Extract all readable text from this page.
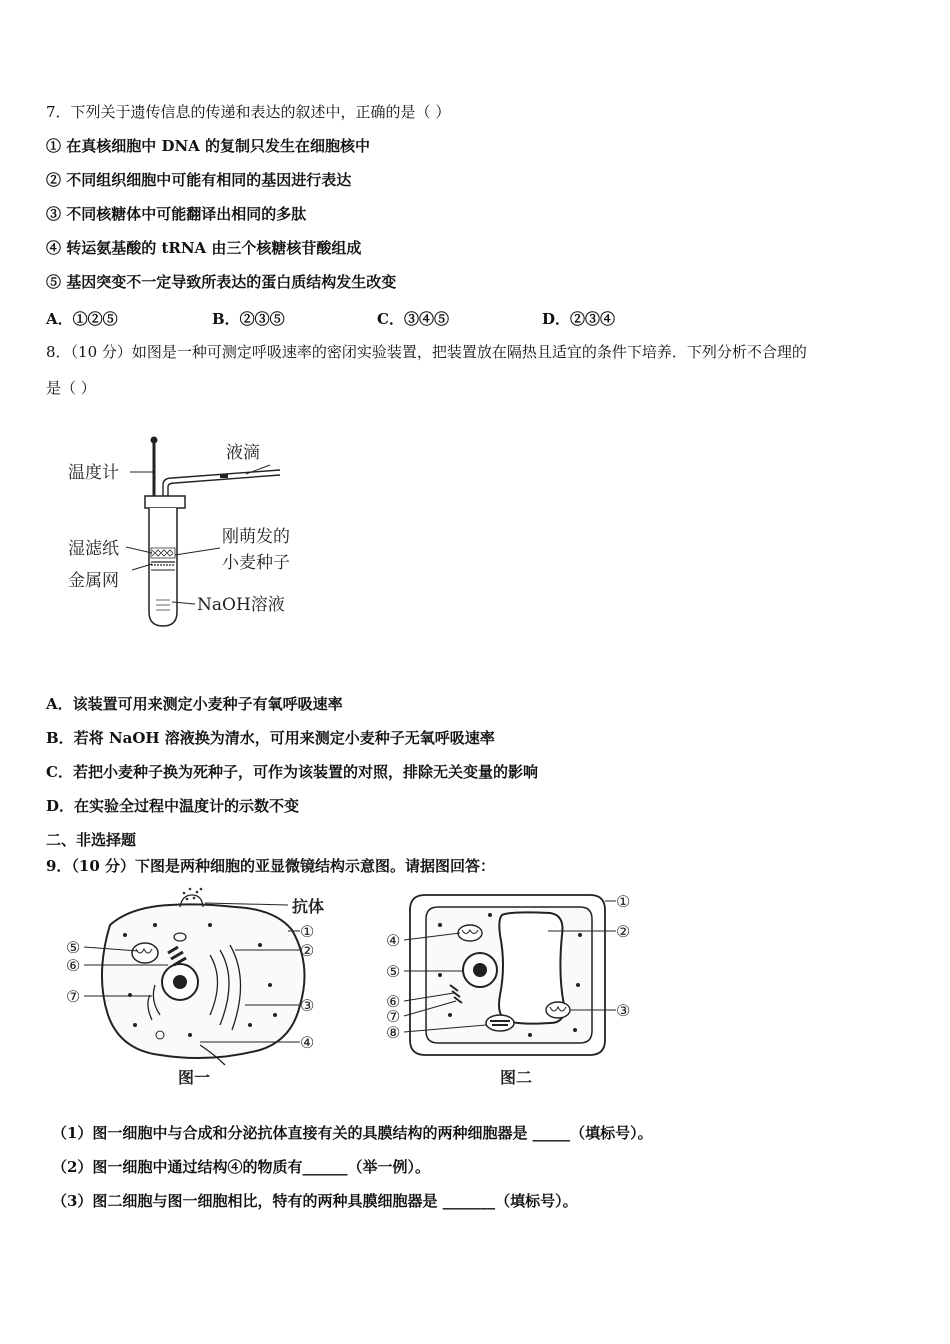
7．下列关于遗传信息的传递和表达的叙述中，正确的是（ ）
① 在真核细胞中 DNA 的复制只发生在细胞核中
② 不同组织细胞中可能有相同的基因进行表达
③ 不同核糖体中可能翻译出相同的多肽
④ 转运氨基酸的 tRNA 由三个核糖核苷酸组成
⑤ 基因突变不一定导致所表达的蛋白质结构发生改变
A．①②⑤	B．②③⑤	C．③④⑤	D．②③④
8．（10 分）如图是一种可测定呼吸速率的密闭实验装置，把装置放在隔热且适宜的条件下培养．下列分析不合理的
是（ ）
温度计
液滴
湿滤纸
刚萌发的
小麦种子
金属网
NaOH溶液
A．该装置可用来测定小麦种子有氧呼吸速率
B．若将 NaOH 溶液换为清水，可用来测定小麦种子无氧呼吸速率
C．若把小麦种子换为死种子，可作为该装置的对照，排除无关变量的影响
D．在实验全过程中温度计的示数不变
二、非选择题
9．（10 分）下图是两种细胞的亚显微镜结构示意图。请据图回答：
抗体
①
②
③
④
⑤
⑥
⑦
图一
①
②
③
④
⑤
⑥
⑦
⑧
图二
（1）图一细胞中与合成和分泌抗体直接有关的具膜结构的两种细胞器是 _____（填标号）。
（2）图一细胞中通过结构④的物质有______（举一例）。
（3）图二细胞与图一细胞相比，特有的两种具膜细胞器是 _______（填标号）。
